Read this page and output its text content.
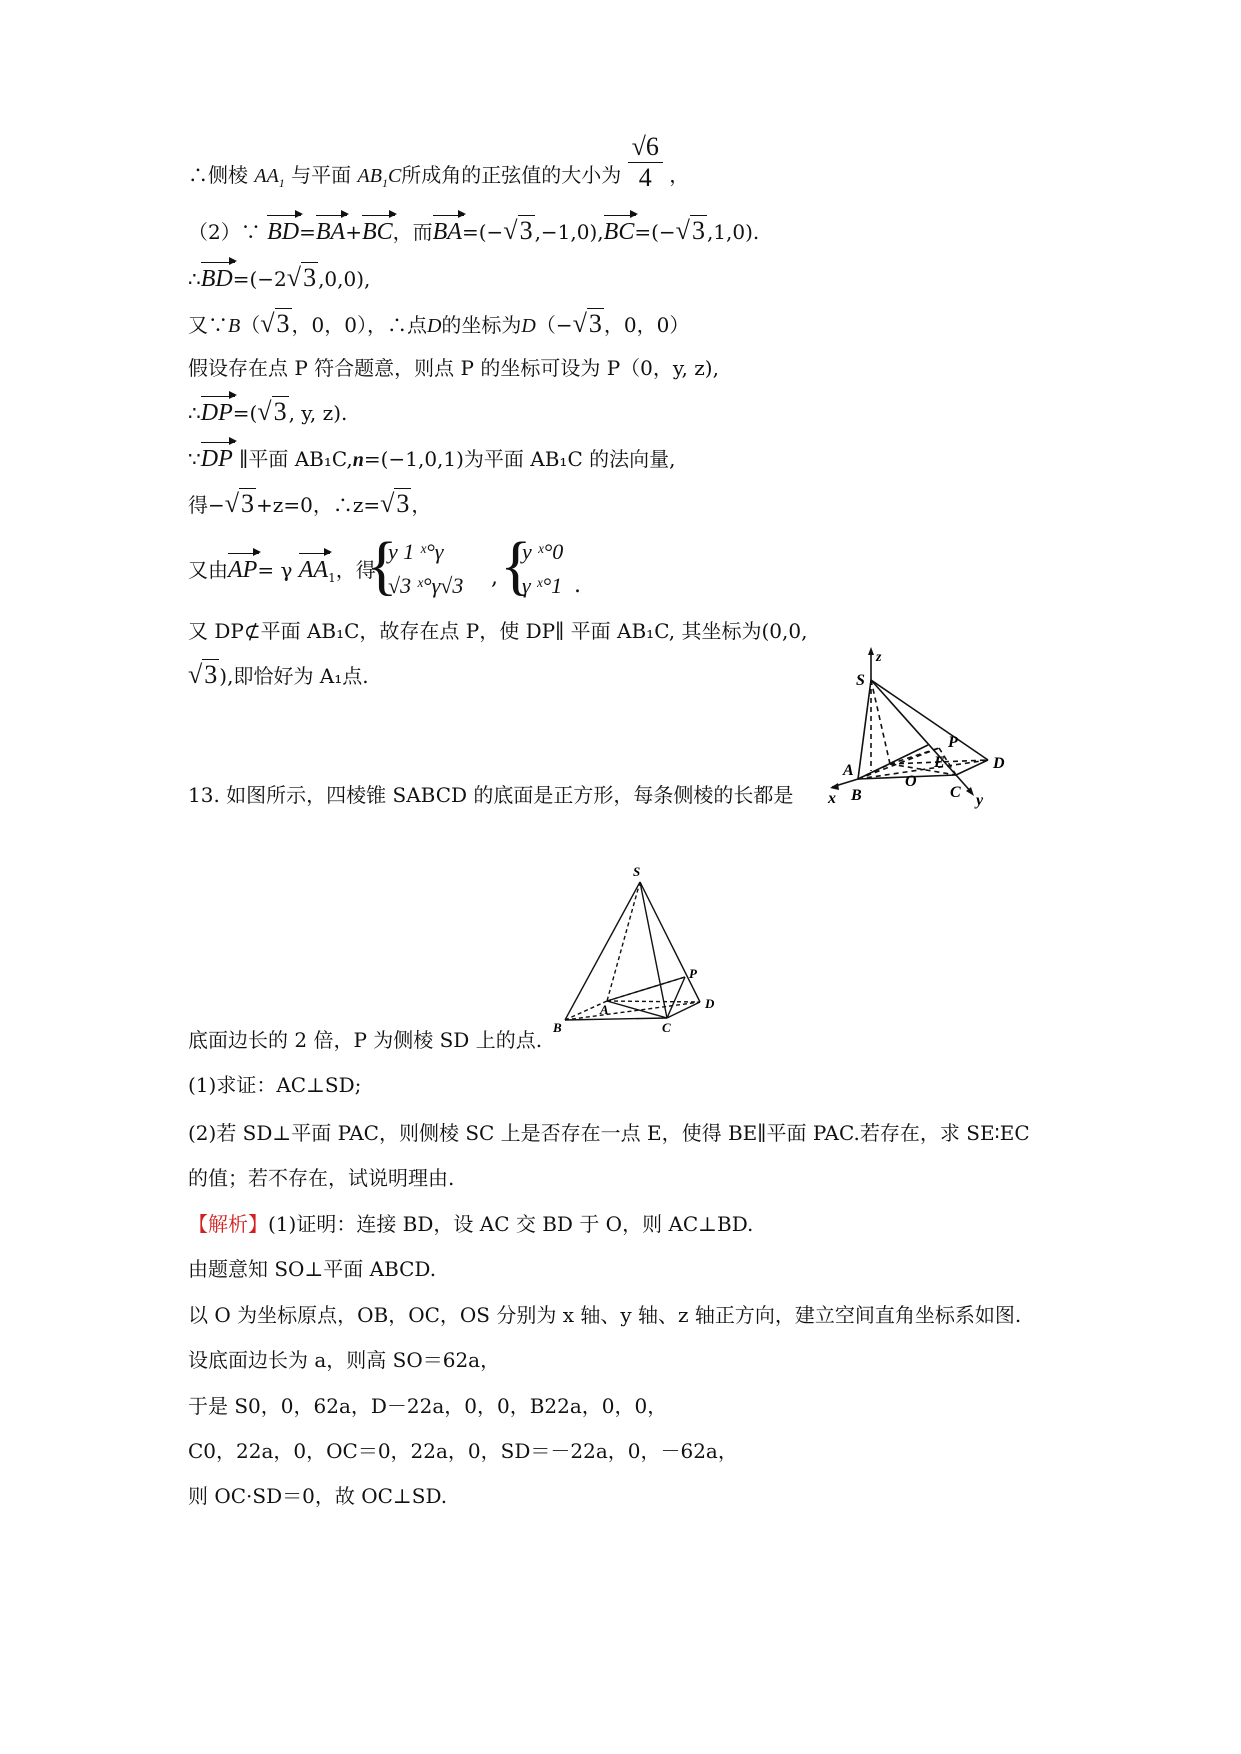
∴侧棱 $AA_1$ 与平面 $AB_1C$所成角的正弦值的大小为 $\frac{√6}{4}$ ，
（2）∵ BD=BA+BC，而BA=(−√3 ,−1,0),BC=(−√3 ,1,0).
∴BD=(−2√3 ,0,0),
又∵B（√3 ，0，0），∴点D的坐标为D（−√3 ，0，0）
假设存在点 P 符合题意，则点 P 的坐标可设为 P（0，y, z),
∴DP=(√3 , y, z).
∵DP ∥平面 AB₁C,n=(−1,0,1)为平面 AB₁C 的法向量,
得−√3 +z=0，∴z=√3 ，
又由AP= γ $AA_1$，得
{
y 1 ˣ°γ
√3 ˣ°γ√3 , {
y ˣ°0
γ ˣ°1 .
又 DP⊄平面 AB₁C，故存在点 P，使 DP∥ 平面 AB₁C, 其坐标为(0,0,
√3 ),即恰好为 A₁点.
z
S
P
A	E	D
O
x B	C y
13. 如图所示，四棱锥 SABCD 的底面是正方形，每条侧棱的长都是
S
P
A	D
B	C
底面边长的 2 倍，P 为侧棱 SD 上的点.
(1)求证：AC⊥SD;
(2)若 SD⊥平面 PAC，则侧棱 SC 上是否存在一点 E，使得 BE∥平面 PAC.若存在，求 SE∶EC
的值；若不存在，试说明理由.
【解析】(1)证明：连接 BD，设 AC 交 BD 于 O，则 AC⊥BD.
由题意知 SO⊥平面 ABCD.
以 O 为坐标原点，OB，OC，OS 分别为 x 轴、y 轴、z 轴正方向，建立空间直角坐标系如图.
设底面边长为 a，则高 SO＝62a，
于是 S0，0，62a，D－22a，0，0，B22a，0，0，
C0，22a，0，OC＝0，22a，0，SD＝－22a，0，－62a，
则 OC·SD＝0，故 OC⊥SD.
